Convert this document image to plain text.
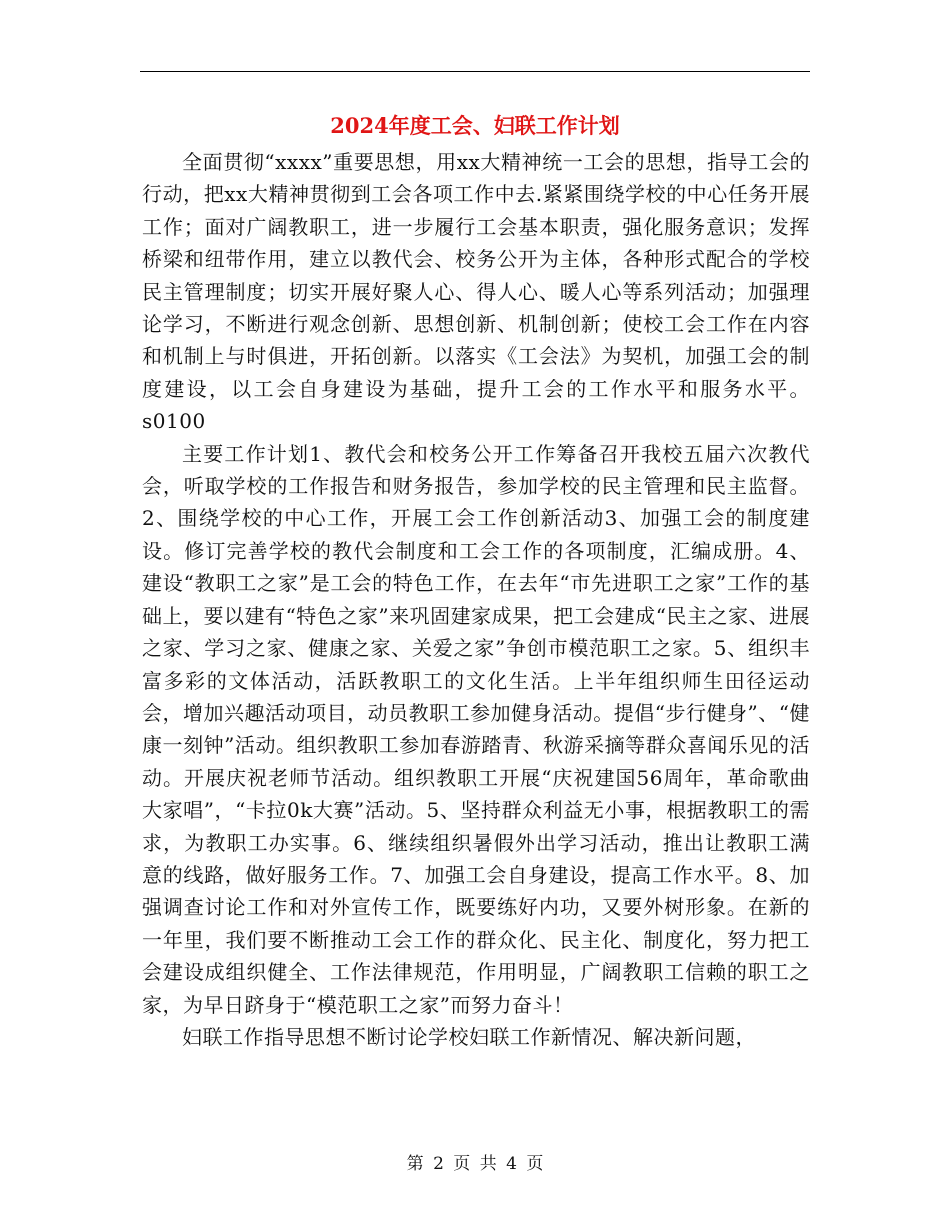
2024年度工会、妇联工作计划

全面贯彻“xxxx”重要思想，用xx大精神统一工会的思想，指导工会的行动，把xx大精神贯彻到工会各项工作中去.紧紧围绕学校的中心任务开展工作；面对广阔教职工，进一步履行工会基本职责，强化服务意识；发挥桥梁和纽带作用，建立以教代会、校务公开为主体，各种形式配合的学校民主管理制度；切实开展好聚人心、得人心、暖人心等系列活动；加强理论学习，不断进行观念创新、思想创新、机制创新；使校工会工作在内容和机制上与时俱进，开拓创新。以落实《工会法》为契机，加强工会的制度建设，以工会自身建设为基础，提升工会的工作水平和服务水平。s0100

主要工作计划1、教代会和校务公开工作筹备召开我校五届六次教代会，听取学校的工作报告和财务报告，参加学校的民主管理和民主监督。2、围绕学校的中心工作，开展工会工作创新活动3、加强工会的制度建设。修订完善学校的教代会制度和工会工作的各项制度，汇编成册。4、建设“教职工之家”是工会的特色工作，在去年“市先进职工之家”工作的基础上，要以建有“特色之家”来巩固建家成果，把工会建成“民主之家、进展之家、学习之家、健康之家、关爱之家”争创市模范职工之家。5、组织丰富多彩的文体活动，活跃教职工的文化生活。上半年组织师生田径运动会，增加兴趣活动项目，动员教职工参加健身活动。提倡“步行健身”、“健康一刻钟”活动。组织教职工参加春游踏青、秋游采摘等群众喜闻乐见的活动。开展庆祝老师节活动。组织教职工开展“庆祝建国56周年，革命歌曲大家唱”，“卡拉0k大赛”活动。5、坚持群众利益无小事，根据教职工的需求，为教职工办实事。6、继续组织暑假外出学习活动，推出让教职工满意的线路，做好服务工作。7、加强工会自身建设，提高工作水平。8、加强调查讨论工作和对外宣传工作，既要练好内功，又要外树形象。在新的一年里，我们要不断推动工会工作的群众化、民主化、制度化，努力把工会建设成组织健全、工作法律规范，作用明显，广阔教职工信赖的职工之家，为早日跻身于“模范职工之家”而努力奋斗！

妇联工作指导思想不断讨论学校妇联工作新情况、解决新问题，

第 2 页 共 4 页
